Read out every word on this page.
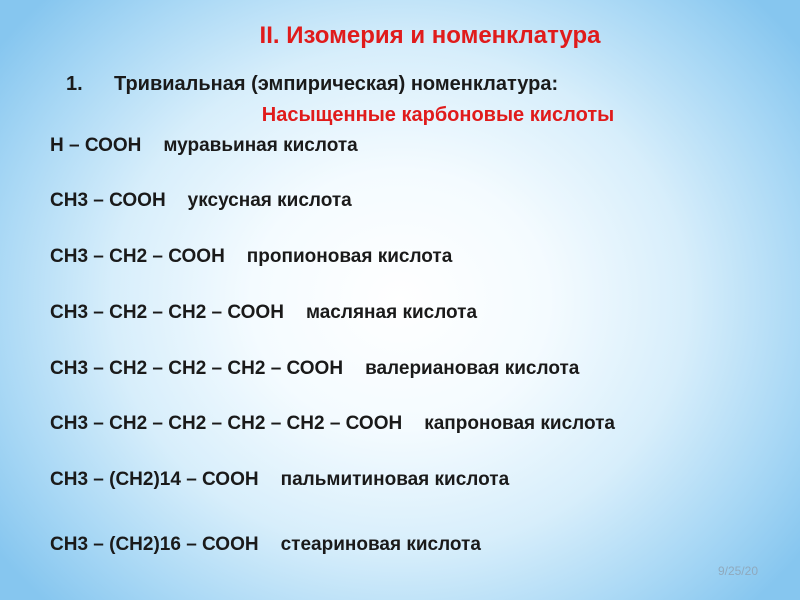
II. Изомерия и номенклатура
1. Тривиальная (эмпирическая) номенклатура:
Насыщенные карбоновые кислоты
Н – СООН муравьиная кислота
СН3 – СООН уксусная кислота
СН3 – СН2 – СООН пропионовая кислота
СН3 – СН2 – СН2 – СООН масляная кислота
СН3 – СН2 – СН2 – СН2 – СООН валериановая кислота
СН3 – СН2 – СН2 – СН2 – СН2 – СООН капроновая кислота
СН3 – (СН2)14 – СООН пальмитиновая кислота
СН3 – (СН2)16 – СООН стеариновая кислота
9/25/20
